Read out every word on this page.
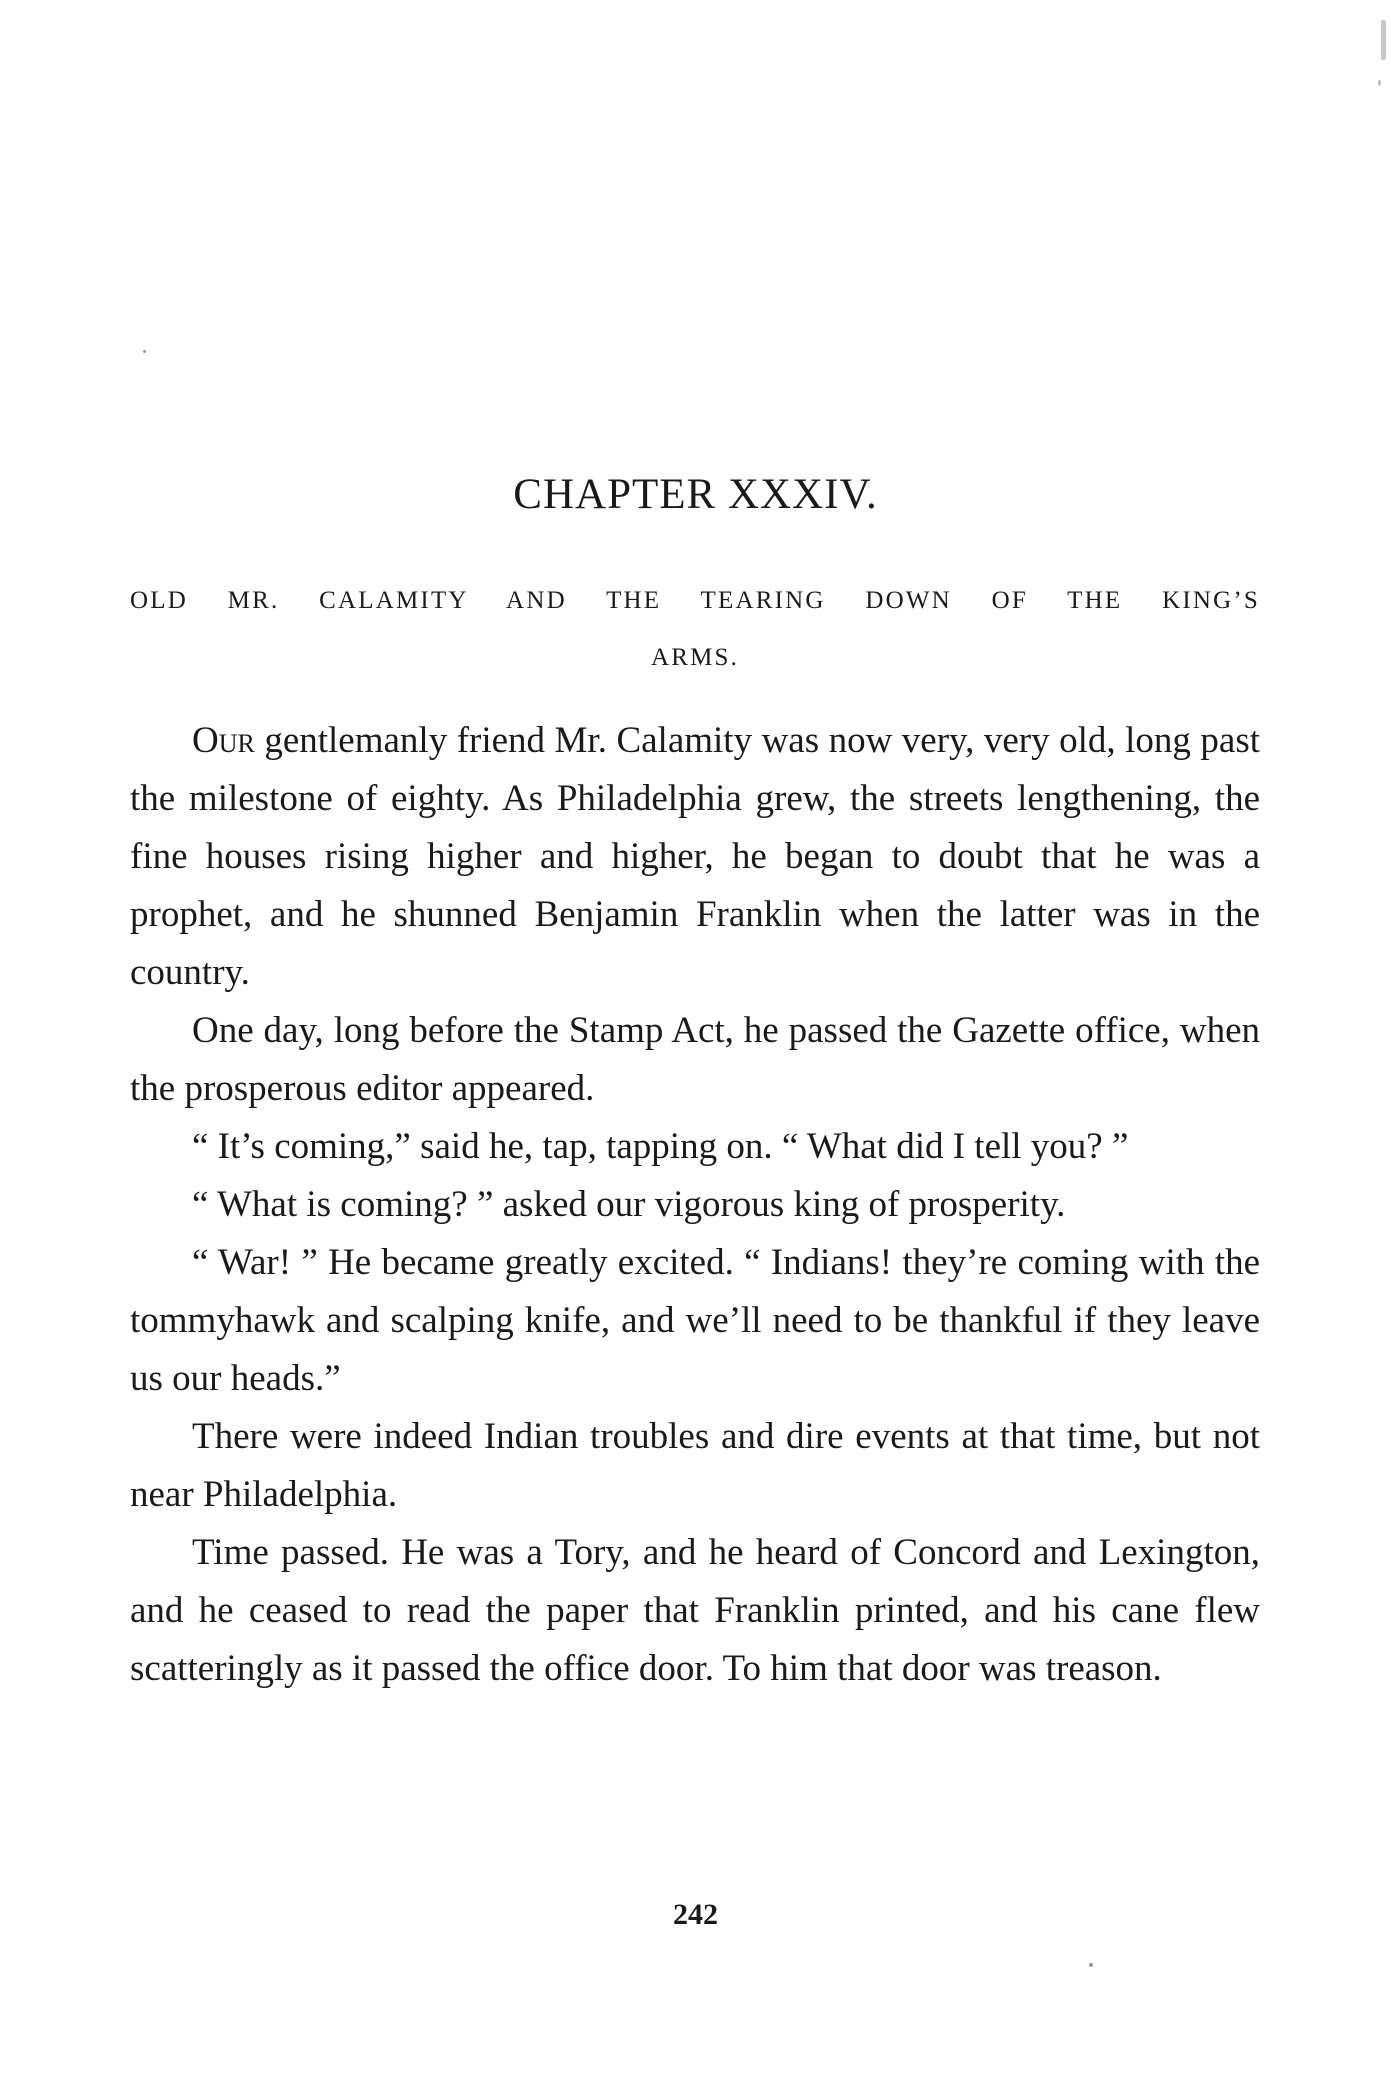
CHAPTER XXXIV.
OLD MR. CALAMITY AND THE TEARING DOWN OF THE KING’S
ARMS.

Our gentlemanly friend Mr. Calamity was now very, very old, long past the milestone of eighty. As Philadelphia grew, the streets lengthening, the fine houses rising higher and higher, he began to doubt that he was a prophet, and he shunned Benjamin Franklin when the latter was in the country.

One day, long before the Stamp Act, he passed the Gazette office, when the prosperous editor appeared.

“ It’s coming,” said he, tap, tapping on. “ What did I tell you? ”

“ What is coming? ” asked our vigorous king of prosperity.

“ War! ” He became greatly excited. “ Indians! they’re coming with the tommyhawk and scalping knife, and we’ll need to be thankful if they leave us our heads.”

There were indeed Indian troubles and dire events at that time, but not near Philadelphia.

Time passed. He was a Tory, and he heard of Concord and Lexington, and he ceased to read the paper that Franklin printed, and his cane flew scatteringly as it passed the office door. To him that door was treason.

242
